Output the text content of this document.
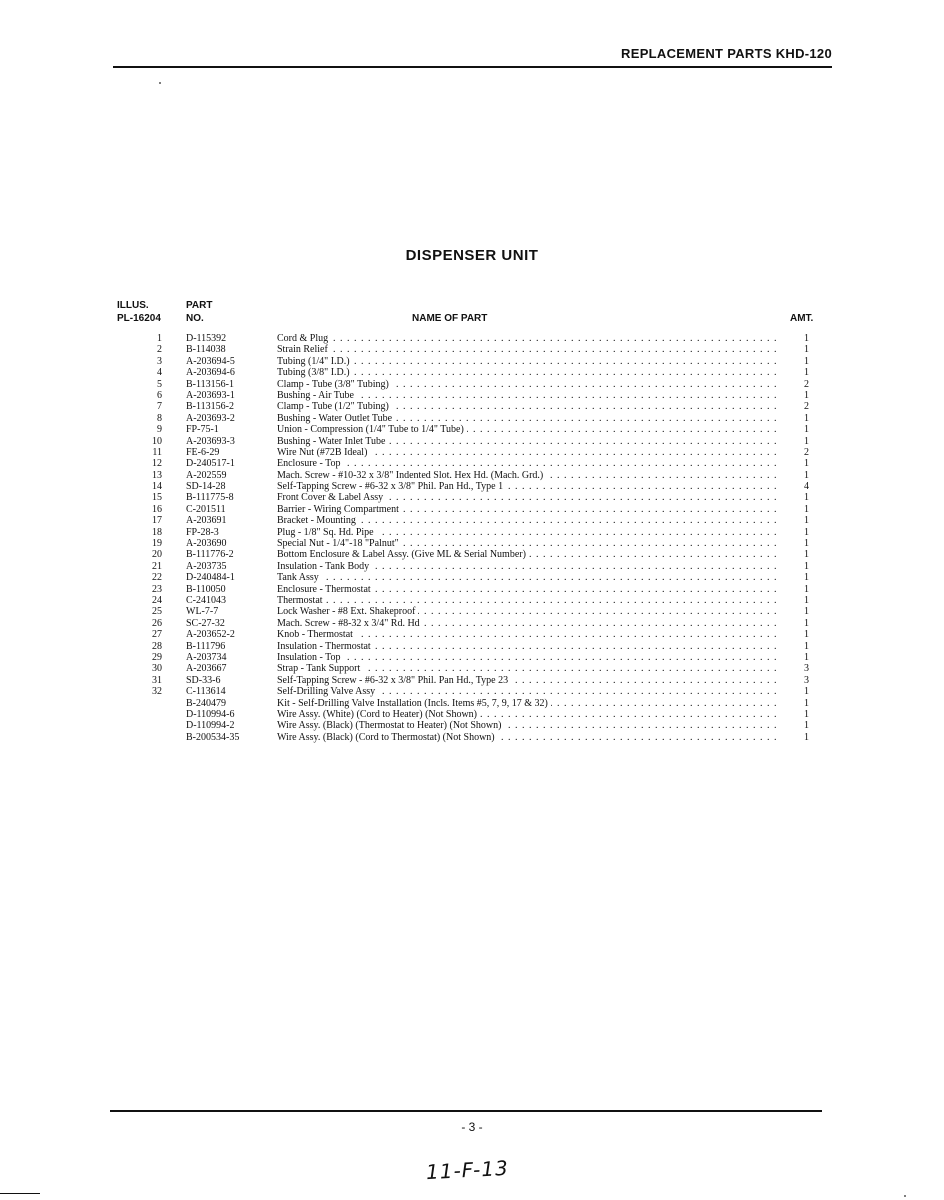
REPLACEMENT PARTS KHD-120
DISPENSER UNIT
ILLUS.
PL-16204
PART
NO.	NAME OF PART	AMT.
1 D-115392	Cord & Plug . . .	1
2 B-114038	Strain Relief . . .	1
3 A-203694-5	Tubing (1/4" I.D.) . . .	1
4 A-203694-6	Tubing (3/8" I.D.) . . .	1
5 B-113156-1	Clamp - Tube (3/8" Tubing) . . .	2
6 A-203693-1	Bushing - Air Tube . . .	1
7 B-113156-2	Clamp - Tube (1/2" Tubing) . . .	2
8 A-203693-2	Bushing - Water Outlet Tube . . .	1
9 FP-75-1	Union - Compression (1/4" Tube to 1/4" Tube) . . .	1
10 A-203693-3	Bushing - Water Inlet Tube . . .	1
11 FE-6-29	Wire Nut (#72B Ideal) . . .	2
12 D-240517-1	Enclosure - Top . . .	1
13 A-202559	Mach. Screw - #10-32 x 3/8" Indented Slot. Hex Hd. (Mach. Grd.) . . .	1
14 SD-14-28	Self-Tapping Screw - #6-32 x 3/8" Phil. Pan Hd., Type 1 . . .	4
15 B-111775-8	Front Cover & Label Assy . . .	1
16 C-201511	Barrier - Wiring Compartment . . .	1
17 A-203691	Bracket - Mounting . . .	1
18 FP-28-3	Plug - 1/8" Sq. Hd. Pipe . . .	1
19 A-203690	Special Nut - 1/4"-18 "Palnut" . . .	1
20 B-111776-2	Bottom Enclosure & Label Assy. (Give ML & Serial Number) . . .	1
21 A-203735	Insulation - Tank Body . . .	1
22 D-240484-1	Tank Assy . . .	1
23 B-110050	Enclosure - Thermostat . . .	1
24 C-241043	Thermostat . . .	1
25 WL-7-7	Lock Washer - #8 Ext. Shakeproof . . .	1
26 SC-27-32	Mach. Screw - #8-32 x 3/4" Rd. Hd . . .	1
27 A-203652-2	Knob - Thermostat . . .	1
28 B-111796	Insulation - Thermostat . . .	1
29 A-203734	Insulation - Top . . .	1
30 A-203667	Strap - Tank Support . . .	3
31 SD-33-6	Self-Tapping Screw - #6-32 x 3/8" Phil. Pan Hd., Type 23 . . .	3
32 C-113614	Self-Drilling Valve Assy . . .	1
B-240479	Kit - Self-Drilling Valve Installation (Incls. Items #5, 7, 9, 17 & 32) . . .	1
D-110994-6	Wire Assy. (White) (Cord to Heater) (Not Shown) . . .	1
D-110994-2	Wire Assy. (Black) (Thermostat to Heater) (Not Shown) . . .	1
B-200534-35	Wire Assy. (Black) (Cord to Thermostat) (Not Shown) . . .	1
- 3 -
11-F-13
